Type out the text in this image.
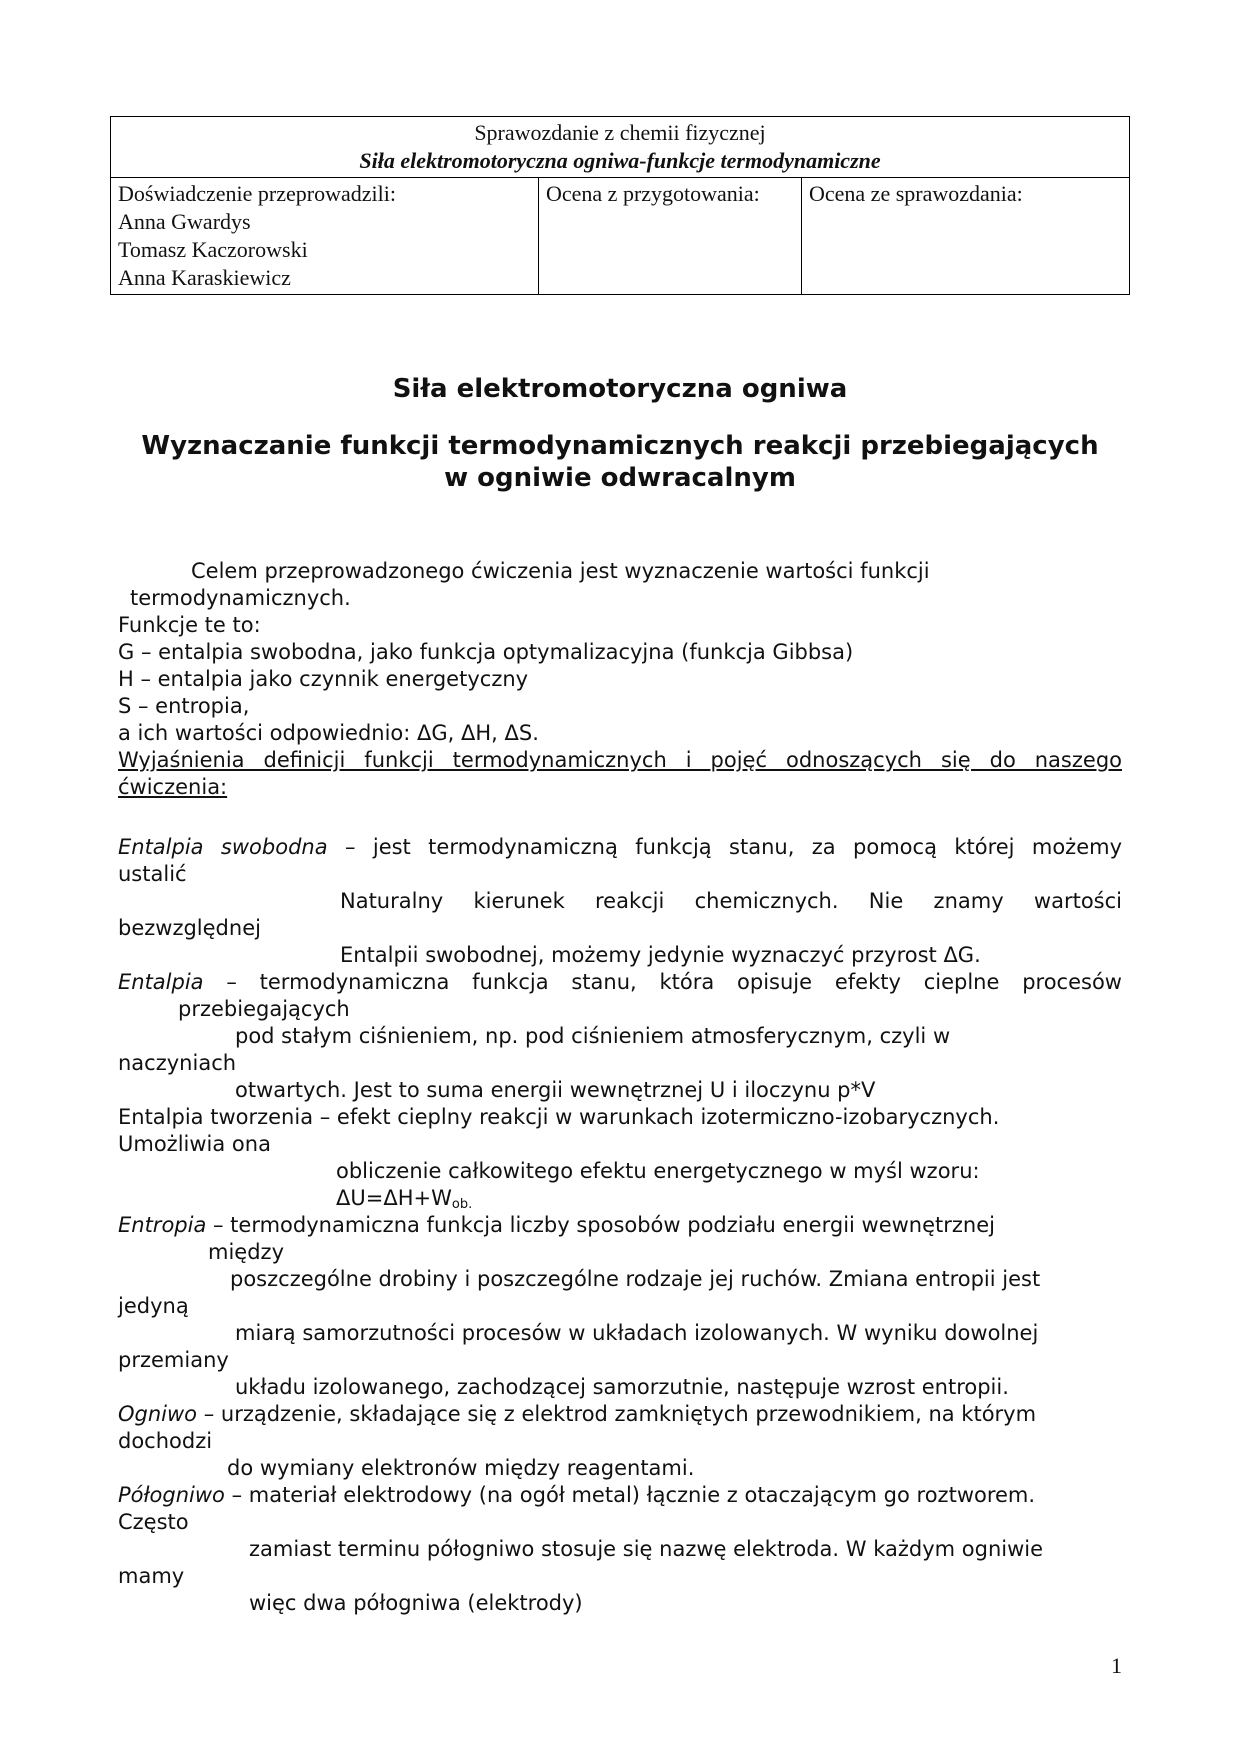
Sprawozdanie z chemii fizycznej
Siła elektromotoryczna ogniwa-funkcje termodynamiczne

Doświadczenie przeprowadzili:
Anna Gwardys
Tomasz Kaczorowski
Anna Karaskiewicz

Ocena z przygotowania:	Ocena ze sprawozdania:
Siła elektromotoryczna ogniwa
Wyznaczanie funkcji termodynamicznych reakcji przebiegających
w ogniwie odwracalnym
Celem przeprowadzonego ćwiczenia jest wyznaczenie wartości funkcji
termodynamicznych.
Funkcje te to:
G – entalpia swobodna, jako funkcja optymalizacyjna (funkcja Gibbsa)
H – entalpia jako czynnik energetyczny
S – entropia,
a ich wartości odpowiednio: ΔG, ΔH, ΔS.
Wyjaśnienia definicji funkcji termodynamicznych i pojęć odnoszących się do naszego
ćwiczenia:
Entalpia swobodna – jest termodynamiczną funkcją stanu, za pomocą której możemy
ustalić
Naturalny kierunek reakcji chemicznych. Nie znamy wartości
bezwzględnej
Entalpii swobodnej, możemy jedynie wyznaczyć przyrost ΔG.
Entalpia – termodynamiczna funkcja stanu, która opisuje efekty cieplne procesów
przebiegających
pod stałym ciśnieniem, np. pod ciśnieniem atmosferycznym, czyli w
naczyniach
otwartych. Jest to suma energii wewnętrznej U i iloczynu p*V
Entalpia tworzenia – efekt cieplny reakcji w warunkach izotermiczno-izobarycznych.
Umożliwia ona
obliczenie całkowitego efektu energetycznego w myśl wzoru:
$\Delta U=\Delta H+W_{ob.}$
Entropia – termodynamiczna funkcja liczby sposobów podziału energii wewnętrznej
między
poszczególne drobiny i poszczególne rodzaje jej ruchów. Zmiana entropii jest
jedyną
miarą samorzutności procesów w układach izolowanych. W wyniku dowolnej
przemiany
układu izolowanego, zachodzącej samorzutnie, następuje wzrost entropii.
Ogniwo – urządzenie, składające się z elektrod zamkniętych przewodnikiem, na którym
dochodzi
do wymiany elektronów między reagentami.
Półogniwo – materiał elektrodowy (na ogół metal) łącznie z otaczającym go roztworem.
Często
zamiast terminu półogniwo stosuje się nazwę elektroda. W każdym ogniwie
mamy
więc dwa półogniwa (elektrody)
1
